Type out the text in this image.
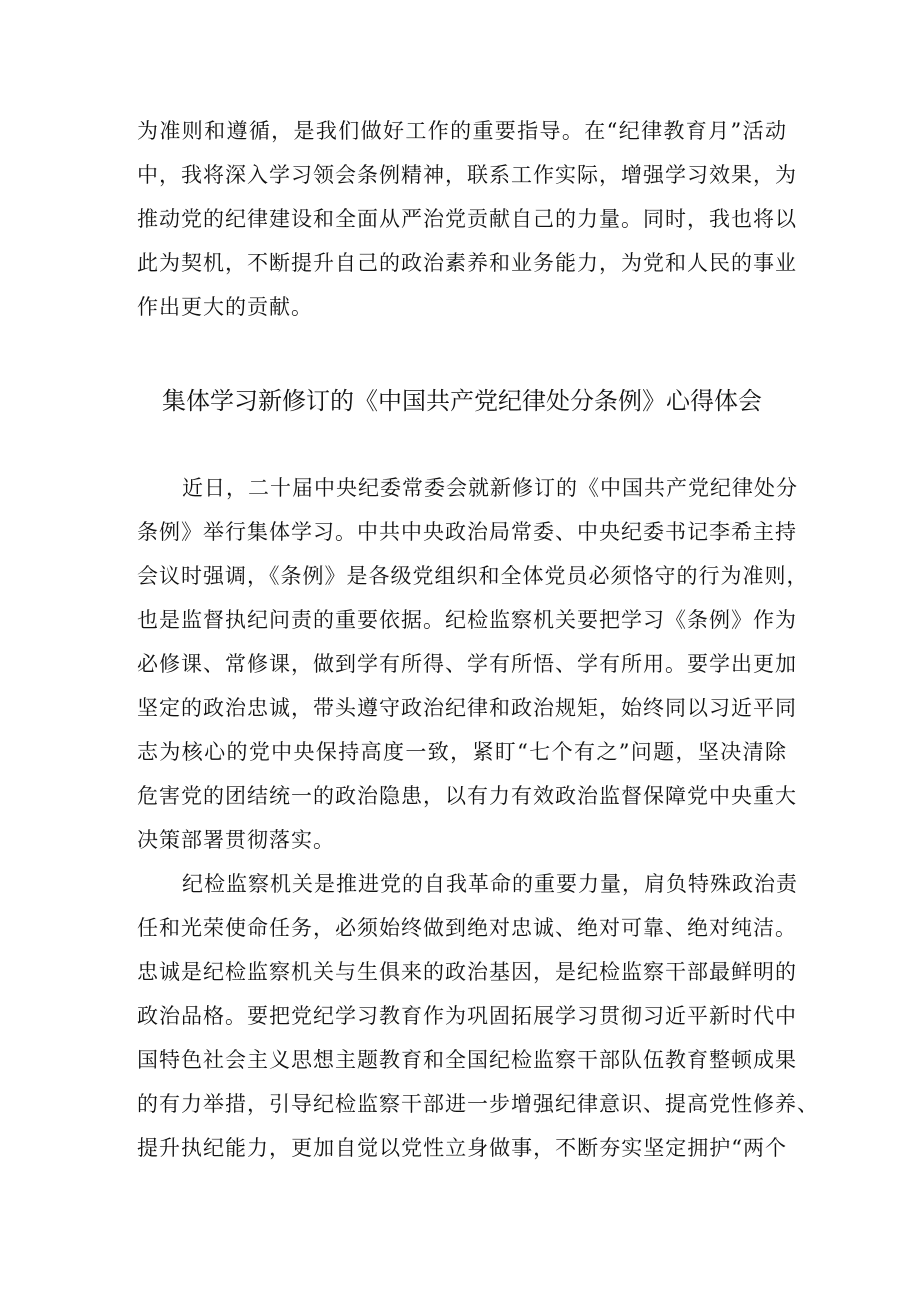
为准则和遵循，是我们做好工作的重要指导。在“纪律教育月”活动
中，我将深入学习领会条例精神，联系工作实际，增强学习效果，为
推动党的纪律建设和全面从严治党贡献自己的力量。同时，我也将以
此为契机，不断提升自己的政治素养和业务能力，为党和人民的事业
作出更大的贡献。
集体学习新修订的《中国共产党纪律处分条例》心得体会
近日，二十届中央纪委常委会就新修订的《中国共产党纪律处分
条例》举行集体学习。中共中央政治局常委、中央纪委书记李希主持
会议时强调，《条例》是各级党组织和全体党员必须恪守的行为准则，
也是监督执纪问责的重要依据。纪检监察机关要把学习《条例》作为
必修课、常修课，做到学有所得、学有所悟、学有所用。要学出更加
坚定的政治忠诚，带头遵守政治纪律和政治规矩，始终同以习近平同
志为核心的党中央保持高度一致，紧盯“七个有之”问题，坚决清除
危害党的团结统一的政治隐患，以有力有效政治监督保障党中央重大
决策部署贯彻落实。
纪检监察机关是推进党的自我革命的重要力量，肩负特殊政治责
任和光荣使命任务，必须始终做到绝对忠诚、绝对可靠、绝对纯洁。
忠诚是纪检监察机关与生俱来的政治基因，是纪检监察干部最鲜明的
政治品格。要把党纪学习教育作为巩固拓展学习贯彻习近平新时代中
国特色社会主义思想主题教育和全国纪检监察干部队伍教育整顿成果
的有力举措，引导纪检监察干部进一步增强纪律意识、提高党性修养、
提升执纪能力，更加自觉以党性立身做事，不断夯实坚定拥护“两个
